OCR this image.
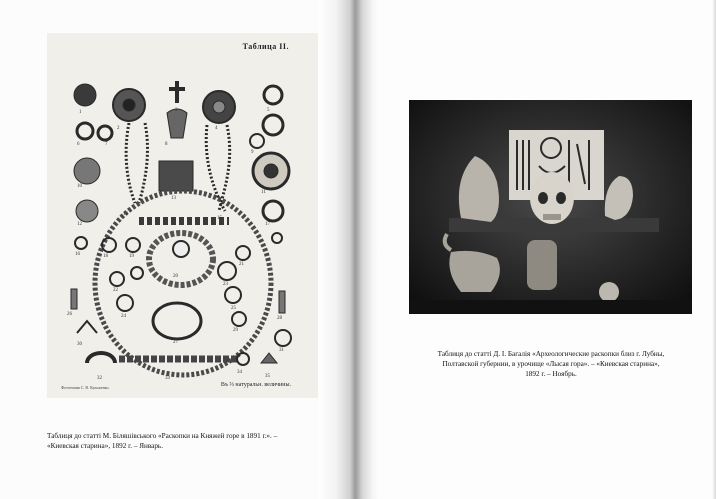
Таблица II.
1
2
3
4
5
6	7	8
9
10
11
12
13
14
15
16
17
18	19
20
21
22
23
24
25
26
27
28
29
30
31
32	33
34
35
Фототипия С. В. Кульженко.	Въ ⅔ натуральн. величины.
Таблиця до статті М. Біляшівського «Раскопки на Княжей горе в 1891 г.». –
«Киевская старина», 1892 г. – Январь.
Таблиця до статті Д. І. Багалія «Археологические раскопки близ г. Лубны,
Полтавской губернии, в урочище «Лысая гора». – «Киевская старина»,
1892 г. – Ноябрь.
